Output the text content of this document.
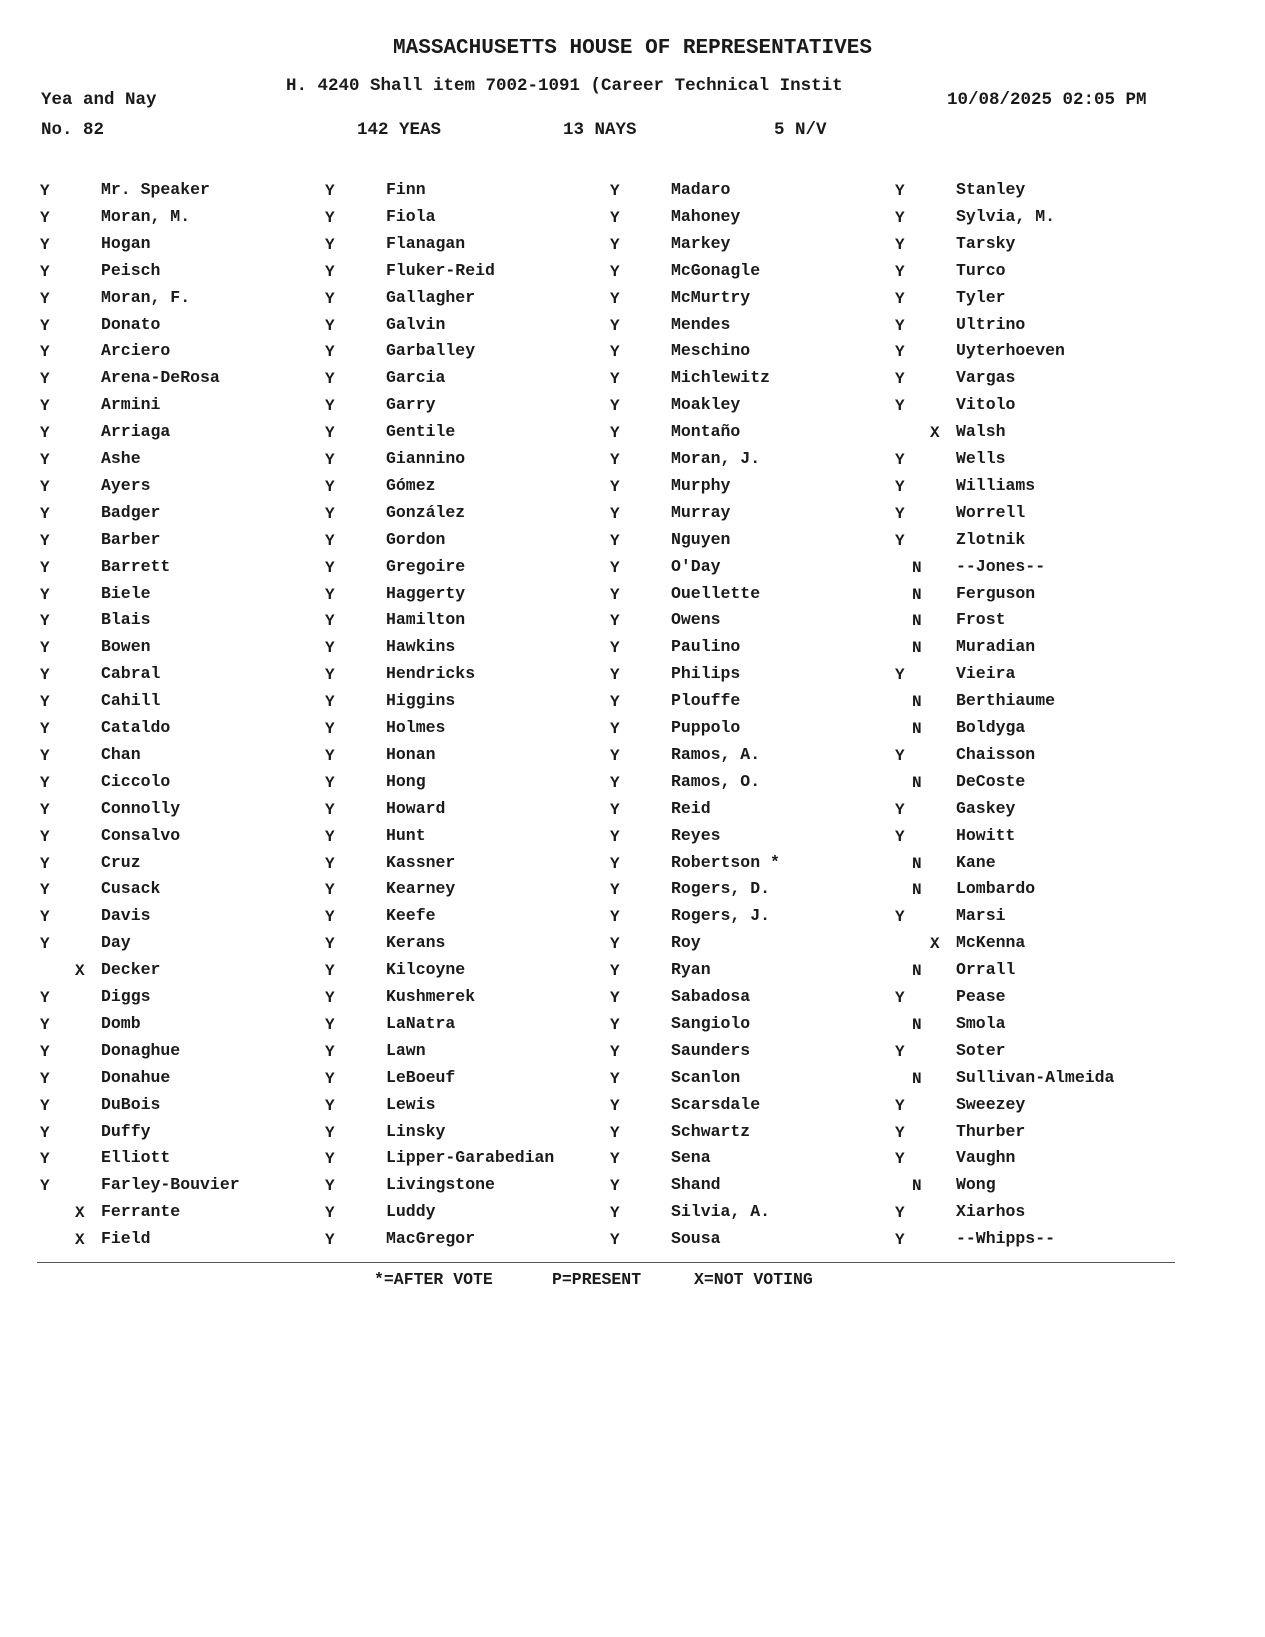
MASSACHUSETTS HOUSE OF REPRESENTATIVES
Yea and Nay
H. 4240 Shall item 7002-1091 (Career Technical Instit
10/08/2025 02:05 PM
No. 82	142 YEAS	13 NAYS	5 N/V
Y	Mr. Speaker
Y	Moran, M.
Y	Hogan
Y	Peisch
Y	Moran, F.
Y	Donato
Y	Arciero
Y	Arena-DeRosa
Y	Armini
Y	Arriaga
Y	Ashe
Y	Ayers
Y	Badger
Y	Barber
Y	Barrett
Y	Biele
Y	Blais
Y	Bowen
Y	Cabral
Y	Cahill
Y	Cataldo
Y	Chan
Y	Ciccolo
Y	Connolly
Y	Consalvo
Y	Cruz
Y	Cusack
Y	Davis
Y	Day
X Decker
Y	Diggs
Y	Domb
Y	Donaghue
Y	Donahue
Y	DuBois
Y	Duffy
Y	Elliott
Y	Farley-Bouvier
X Ferrante
X Field
Y	Finn
Y	Fiola
Y	Flanagan
Y	Fluker-Reid
Y	Gallagher
Y	Galvin
Y	Garballey
Y	Garcia
Y	Garry
Y	Gentile
Y	Giannino
Y	Gómez
Y	González
Y	Gordon
Y	Gregoire
Y	Haggerty
Y	Hamilton
Y	Hawkins
Y	Hendricks
Y	Higgins
Y	Holmes
Y	Honan
Y	Hong
Y	Howard
Y	Hunt
Y	Kassner
Y	Kearney
Y	Keefe
Y	Kerans
Y	Kilcoyne
Y	Kushmerek
Y	LaNatra
Y	Lawn
Y	LeBoeuf
Y	Lewis
Y	Linsky
Y	Lipper-Garabedian
Y	Livingstone
Y	Luddy
Y	MacGregor
Y	Madaro
Y	Mahoney
Y	Markey
Y	McGonagle
Y	McMurtry
Y	Mendes
Y	Meschino
Y	Michlewitz
Y	Moakley
Y	Montaño
Y	Moran, J.
Y	Murphy
Y	Murray
Y	Nguyen
Y	O'Day
Y	Ouellette
Y	Owens
Y	Paulino
Y	Philips
Y	Plouffe
Y	Puppolo
Y	Ramos, A.
Y	Ramos, O.
Y	Reid
Y	Reyes
Y	Robertson *
Y	Rogers, D.
Y	Rogers, J.
Y	Roy
Y	Ryan
Y	Sabadosa
Y	Sangiolo
Y	Saunders
Y	Scanlon
Y	Scarsdale
Y	Schwartz
Y	Sena
Y	Shand
Y	Silvia, A.
Y	Sousa
Y	Stanley
Y	Sylvia, M.
Y	Tarsky
Y	Turco
Y	Tyler
Y	Ultrino
Y	Uyterhoeven
Y	Vargas
Y	Vitolo
X Walsh
Y	Wells
Y	Williams
Y	Worrell
Y	Zlotnik
N --Jones--
N Ferguson
N Frost
N Muradian
Y	Vieira
N Berthiaume
N Boldyga
Y	Chaisson
N DeCoste
Y	Gaskey
Y	Howitt
N Kane
N Lombardo
Y	Marsi
X McKenna
N Orrall
Y	Pease
N Smola
Y	Soter
N Sullivan-Almeida
Y	Sweezey
Y	Thurber
Y	Vaughn
N Wong
Y	Xiarhos
Y	--Whipps--
*=AFTER VOTE	P=PRESENT	X=NOT VOTING
